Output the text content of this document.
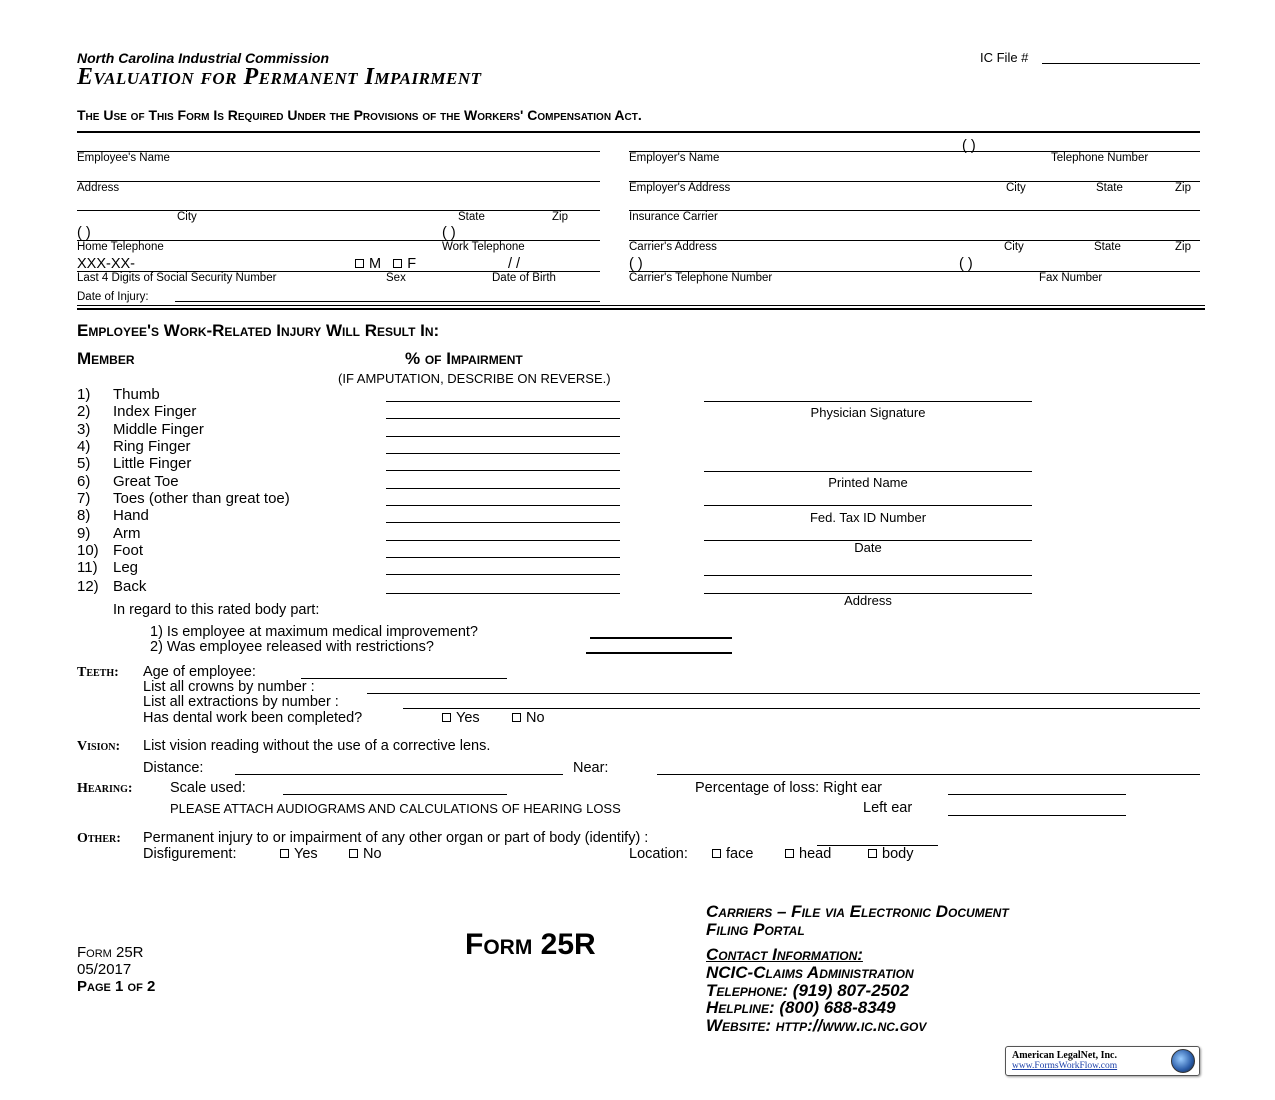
North Carolina Industrial Commission	IC File #
Evaluation for Permanent Impairment
The Use of This Form Is Required Under the Provisions of the Workers' Compensation Act.
Employee's Name
Address
City	State	Zip
( )	( )
Home Telephone	Work Telephone
XXX-XX-	M F	/ /
Last 4 Digits of Social Security Number	Sex	Date of Birth
Date of Injury:
( )
Employer's Name	Telephone Number
Employer's Address	City	State	Zip
Insurance Carrier
Carrier's Address	City	State	Zip
( )	( )
Carrier's Telephone Number	Fax Number
Employee's Work-Related Injury Will Result In:
Member	% of Impairment
(IF AMPUTATION, DESCRIBE ON REVERSE.)
1) Thumb
2) Index Finger
3) Middle Finger
4) Ring Finger
5) Little Finger
6) Great Toe
7) Toes (other than great toe)
8) Hand
9) Arm
10) Foot
11) Leg
12) Back
In regard to this rated body part:
1) Is employee at maximum medical improvement?
2) Was employee released with restrictions?
Physician Signature
Printed Name
Fed. Tax ID Number
Date
Address
Teeth: Age of employee:
List all crowns by number :
List all extractions by number :
Has dental work been completed?	Yes	No
Vision: List vision reading without the use of a corrective lens.
Distance:	Near:
Hearing:	Scale used:	Percentage of loss: Right ear
PLEASE ATTACH AUDIOGRAMS AND CALCULATIONS OF HEARING LOSS	Left ear
Other: Permanent injury to or impairment of any other organ or part of body (identify) :
Disfigurement:	Yes	No	Location:	face	head	body
Form 25R
05/2017
Page 1 of 2
Form 25R
Carriers – File via Electronic Document
Filing Portal
Contact Information:
NCIC-Claims Administration
Telephone: (919) 807-2502
Helpline: (800) 688-8349
Website: http://www.ic.nc.gov
American LegalNet, Inc.
www.FormsWorkFlow.com
